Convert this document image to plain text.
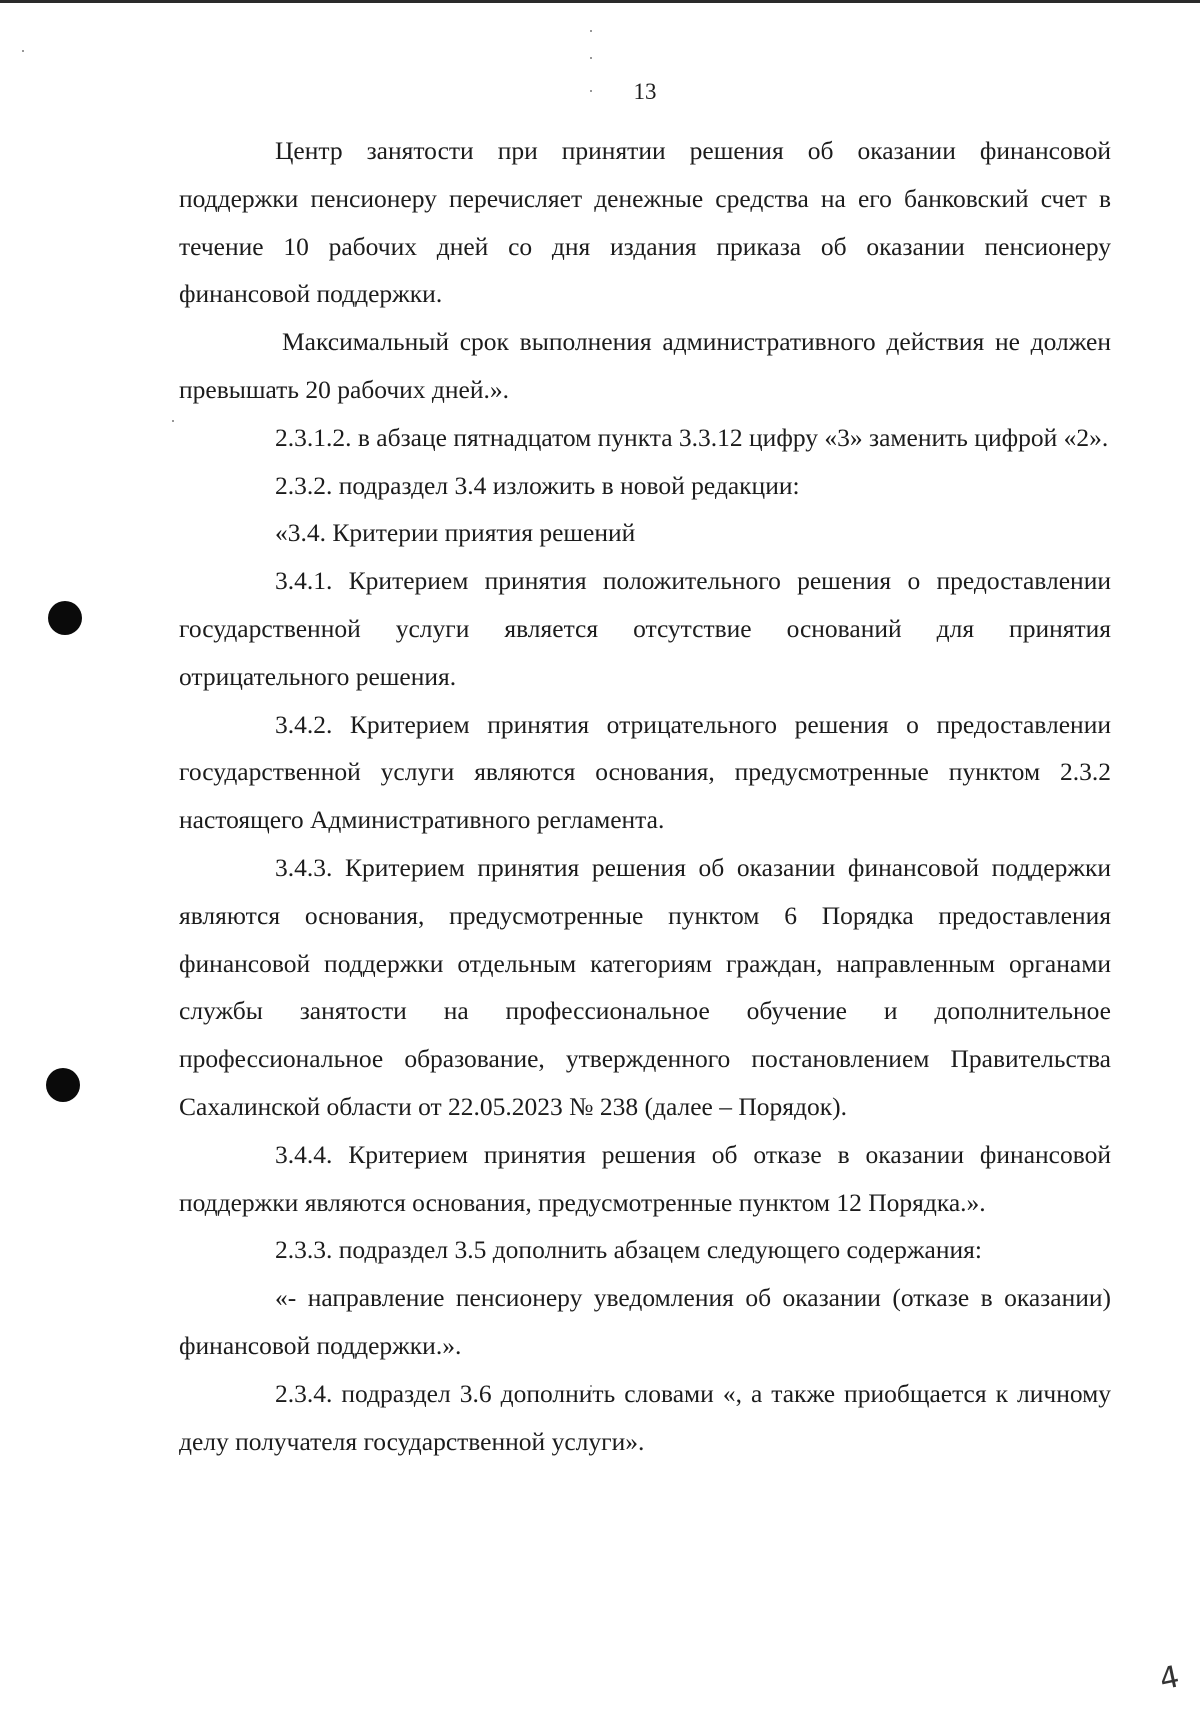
13

Центр занятости при принятии решения об оказании финансовой поддержки пенсионеру перечисляет денежные средства на его банковский счет в течение 10 рабочих дней со дня издания приказа об оказании пенсионеру финансовой поддержки.

Максимальный срок выполнения административного действия не должен превышать 20 рабочих дней.».

2.3.1.2. в абзаце пятнадцатом пункта 3.3.12 цифру «3» заменить цифрой «2».

2.3.2. подраздел 3.4 изложить в новой редакции:

«3.4. Критерии приятия решений

3.4.1. Критерием принятия положительного решения о предоставлении государственной услуги является отсутствие оснований для принятия отрицательного решения.

3.4.2. Критерием принятия отрицательного решения о предоставлении государственной услуги являются основания, предусмотренные пунктом 2.3.2 настоящего Административного регламента.

3.4.3. Критерием принятия решения об оказании финансовой поддержки являются основания, предусмотренные пунктом 6 Порядка предоставления финансовой поддержки отдельным категориям граждан, направленным органами службы занятости на профессиональное обучение и дополнительное профессиональное образование, утвержденного постановлением Правительства Сахалинской области от 22.05.2023 № 238 (далее – Порядок).

3.4.4. Критерием принятия решения об отказе в оказании финансовой поддержки являются основания, предусмотренные пунктом 12 Порядка.».

2.3.3. подраздел 3.5 дополнить абзацем следующего содержания:

«- направление пенсионеру уведомления об оказании (отказе в оказании) финансовой поддержки.».

2.3.4. подраздел 3.6 дополнить словами «, а также приобщается к личному делу получателя государственной услуги».

4
